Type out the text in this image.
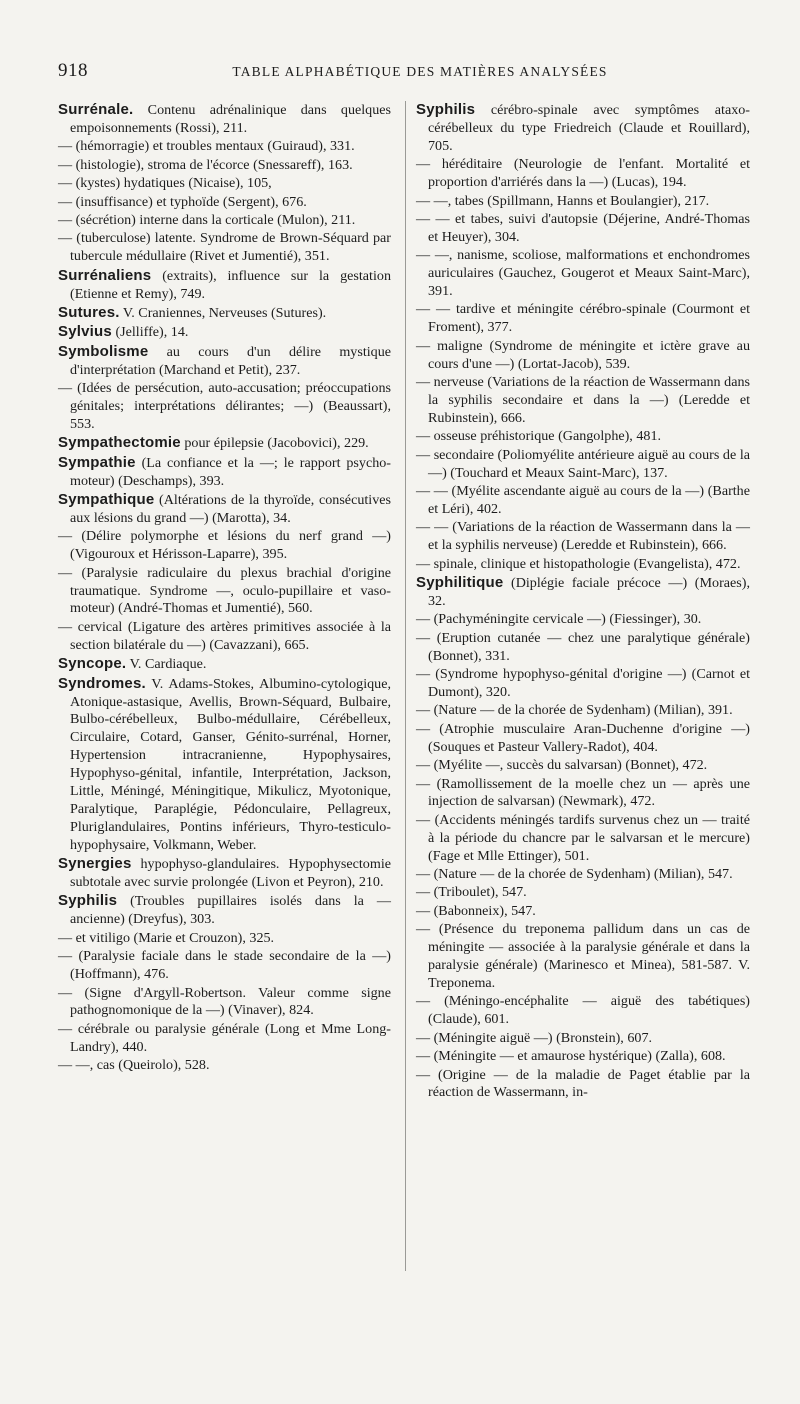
918	TABLE ALPHABÉTIQUE DES MATIÈRES ANALYSÉES

Surrénale. Contenu adrénalinique dans quelques empoisonnements (Rossi), 211.

— (hémorragie) et troubles mentaux (Guiraud), 331.

— (histologie), stroma de l'écorce (Snessareff), 163.

— (kystes) hydatiques (Nicaise), 105,

— (insuffisance) et typhoïde (Sergent), 676.

— (sécrétion) interne dans la corticale (Mulon), 211.

— (tuberculose) latente. Syndrome de Brown-Séquard par tubercule médullaire (Rivet et Jumentié), 351.

Surrénaliens (extraits), influence sur la gestation (Etienne et Remy), 749.

Sutures. V. Craniennes, Nerveuses (Sutures).

Sylvius (Jelliffe), 14.

Symbolisme au cours d'un délire mystique d'interprétation (Marchand et Petit), 237.

— (Idées de persécution, auto-accusation; préoccupations génitales; interprétations délirantes; —) (Beaussart), 553.

Sympathectomie pour épilepsie (Jacobovici), 229.

Sympathie (La confiance et la —; le rapport psycho-moteur) (Deschamps), 393.

Sympathique (Altérations de la thyroïde, consécutives aux lésions du grand —) (Marotta), 34.

— (Délire polymorphe et lésions du nerf grand —) (Vigouroux et Hérisson-Laparre), 395.

— (Paralysie radiculaire du plexus brachial d'origine traumatique. Syndrome —, oculo-pupillaire et vaso-moteur) (André-Thomas et Jumentié), 560.

— cervical (Ligature des artères primitives associée à la section bilatérale du —) (Cavazzani), 665.

Syncope. V. Cardiaque.

Syndromes. V. Adams-Stokes, Albumino-cytologique, Atonique-astasique, Avellis, Brown-Séquard, Bulbaire, Bulbo-cérébelleux, Bulbo-médullaire, Cérébelleux, Circulaire, Cotard, Ganser, Génito-surrénal, Horner, Hypertension intracranienne, Hypophysaires, Hypophyso-génital, infantile, Interprétation, Jackson, Little, Méningé, Méningitique, Mikulicz, Myotonique, Paralytique, Paraplégie, Pédonculaire, Pellagreux, Pluriglandulaires, Pontins inférieurs, Thyro-testiculo-hypophysaire, Volkmann, Weber.

Synergies hypophyso-glandulaires. Hypophysectomie subtotale avec survie prolongée (Livon et Peyron), 210.

Syphilis (Troubles pupillaires isolés dans la — ancienne) (Dreyfus), 303.

— et vitiligo (Marie et Crouzon), 325.

— (Paralysie faciale dans le stade secondaire de la —) (Hoffmann), 476.

— (Signe d'Argyll-Robertson. Valeur comme signe pathognomonique de la —) (Vinaver), 824.

— cérébrale ou paralysie générale (Long et Mme Long-Landry), 440.

— —, cas (Queirolo), 528.

Syphilis cérébro-spinale avec symptômes ataxo-cérébelleux du type Friedreich (Claude et Rouillard), 705.

— héréditaire (Neurologie de l'enfant. Mortalité et proportion d'arriérés dans la —) (Lucas), 194.

— —, tabes (Spillmann, Hanns et Boulangier), 217.

— — et tabes, suivi d'autopsie (Déjerine, André-Thomas et Heuyer), 304.

— —, nanisme, scoliose, malformations et enchondromes auriculaires (Gauchez, Gougerot et Meaux Saint-Marc), 391.

— — tardive et méningite cérébro-spinale (Courmont et Froment), 377.

— maligne (Syndrome de méningite et ictère grave au cours d'une —) (Lortat-Jacob), 539.

— nerveuse (Variations de la réaction de Wassermann dans la syphilis secondaire et dans la —) (Leredde et Rubinstein), 666.

— osseuse préhistorique (Gangolphe), 481.

— secondaire (Poliomyélite antérieure aiguë au cours de la —) (Touchard et Meaux Saint-Marc), 137.

— — (Myélite ascendante aiguë au cours de la —) (Barthe et Léri), 402.

— — (Variations de la réaction de Wassermann dans la — et la syphilis nerveuse) (Leredde et Rubinstein), 666.

— spinale, clinique et histopathologie (Evangelista), 472.

Syphilitique (Diplégie faciale précoce —) (Moraes), 32.

— (Pachyméningite cervicale —) (Fiessinger), 30.

— (Eruption cutanée — chez une paralytique générale) (Bonnet), 331.

— (Syndrome hypophyso-génital d'origine —) (Carnot et Dumont), 320.

— (Nature — de la chorée de Sydenham) (Milian), 391.

— (Atrophie musculaire Aran-Duchenne d'origine —) (Souques et Pasteur Vallery-Radot), 404.

— (Myélite —, succès du salvarsan) (Bonnet), 472.

— (Ramollissement de la moelle chez un — après une injection de salvarsan) (Newmark), 472.

— (Accidents méningés tardifs survenus chez un — traité à la période du chancre par le salvarsan et le mercure) (Fage et Mlle Ettinger), 501.

— (Nature — de la chorée de Sydenham) (Milian), 547.

— (Triboulet), 547.

— (Babonneix), 547.

— (Présence du treponema pallidum dans un cas de méningite — associée à la paralysie générale et dans la paralysie générale) (Marinesco et Minea), 581-587. V. Treponema.

— (Méningo-encéphalite — aiguë des tabétiques) (Claude), 601.

— (Méningite aiguë —) (Bronstein), 607.

— (Méningite — et amaurose hystérique) (Zalla), 608.

— (Origine — de la maladie de Paget établie par la réaction de Wassermann, in-
